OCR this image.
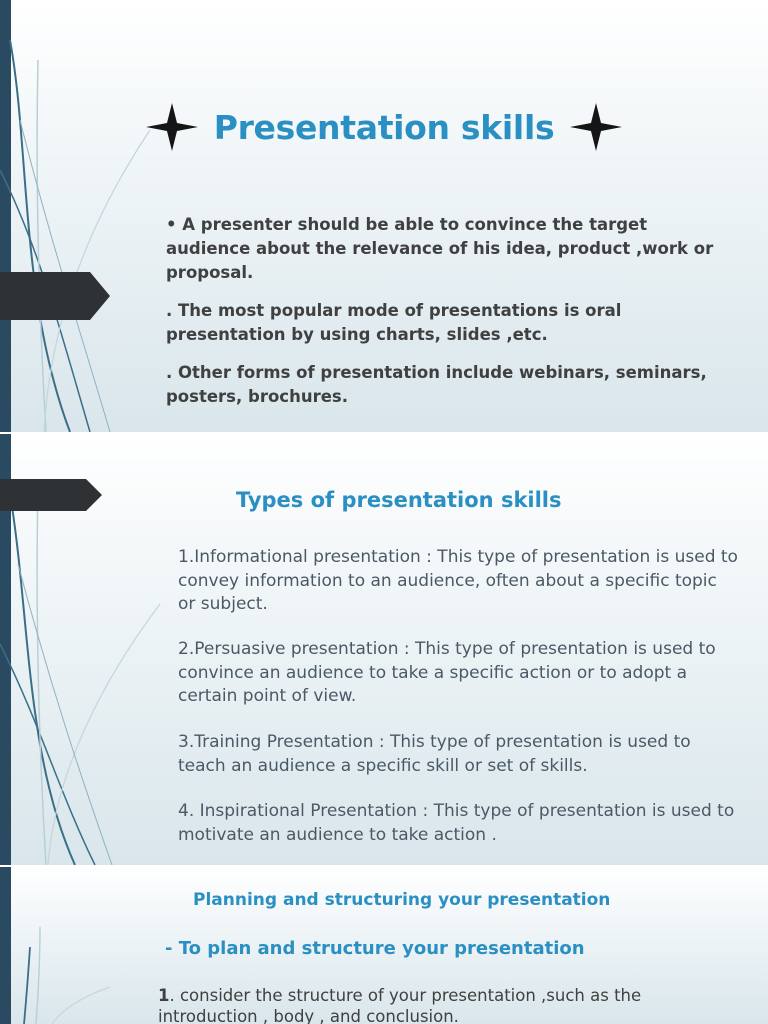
Presentation skills
• A presenter should be able to convince the target audience about the relevance of his idea, product ,work or proposal.
. The most popular mode of presentations is oral presentation by using charts, slides ,etc.
. Other forms of presentation include webinars, seminars, posters, brochures.
Types of presentation skills
1.Informational presentation : This type of presentation is used to convey information to an audience, often about a specific topic or subject.
2.Persuasive presentation : This type of presentation is used to convince an audience to take a specific action or to adopt a certain point of view.
3.Training Presentation : This type of presentation is used to teach an audience a specific skill or set of skills.
4. Inspirational Presentation : This type of presentation is used to motivate an audience to take action .
Planning and structuring your presentation
- To plan and structure your presentation
1. consider the structure of your presentation ,such as the introduction , body , and conclusion.
